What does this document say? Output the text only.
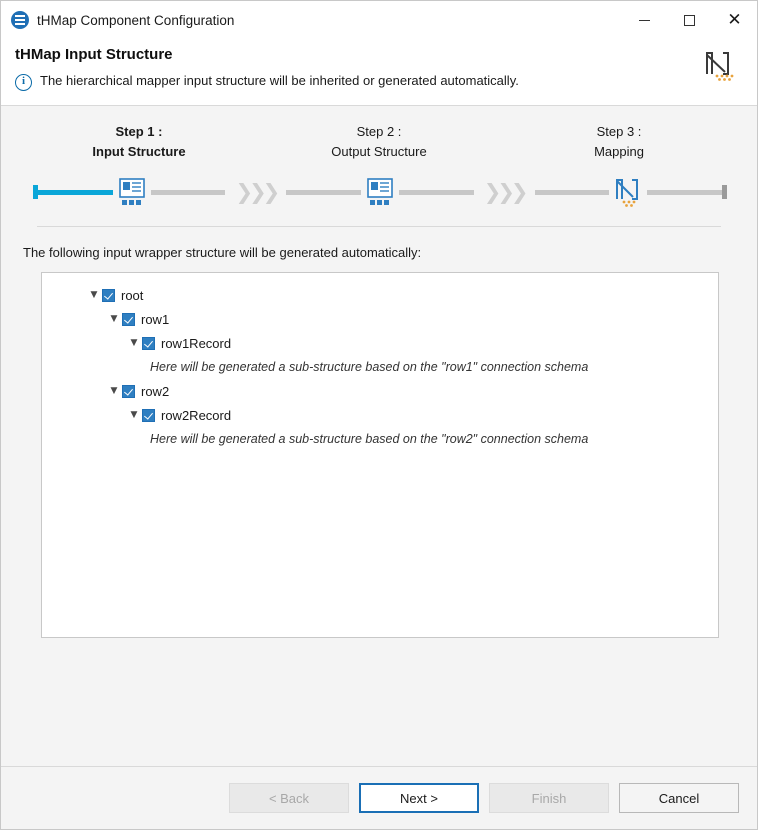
tHMap Component Configuration	✕
tHMap Input Structure
i	The hierarchical mapper input structure will be inherited or generated automatically.
Step 1 :
Input Structure
Step 2 :
Output Structure
Step 3 :
Mapping
❯❯❯	❯❯❯
The following input wrapper structure will be generated automatically:
▼	root
▼	row1
▼	row1Record
Here will be generated a sub-structure based on the "row1" connection schema
▼	row2
▼	row2Record
Here will be generated a sub-structure based on the "row2" connection schema
< Back	Next >	Finish	Cancel
